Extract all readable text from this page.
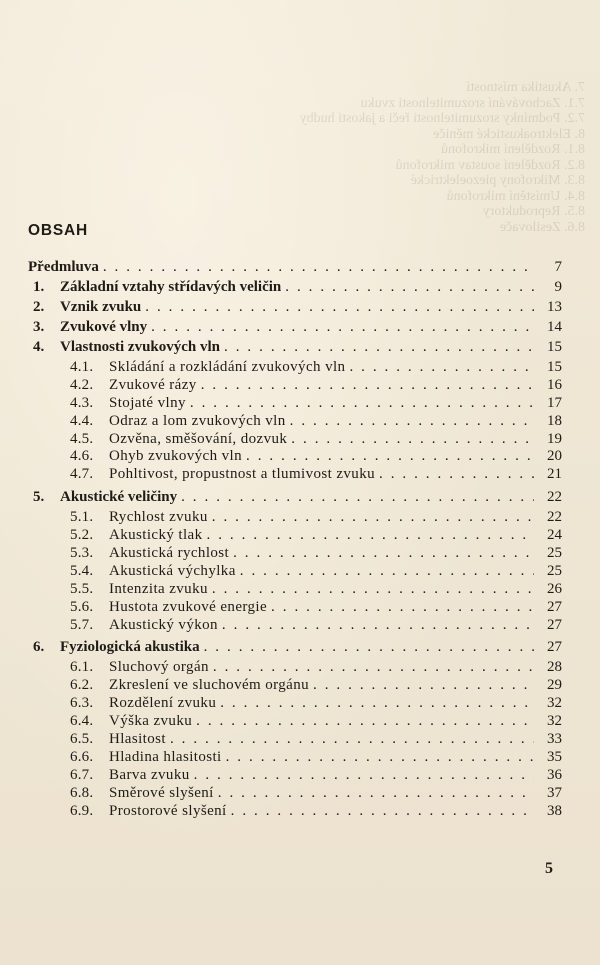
7. Akustika místností
7.1. Zachovávání srozumitelnosti zvuku
7.2. Podmínky srozumitelnosti řeči a jakosti hudby
8. Elektroakustické měniče
8.1. Rozdělení mikrofonů
8.2. Rozdělení soustav mikrofonů
8.3. Mikrofony piezoelektrické
8.4. Umístění mikrofonů
8.5. Reproduktory
8.6. Zesilovače
OBSAH
Předmluva . . .	7
1.	Základní vztahy střídavých veličin . . .	9
2.	Vznik zvuku . . .	13
3.	Zvukové vlny . . .	14
4.	Vlastnosti zvukových vln . . .	15
4.1.	Skládání a rozkládání zvukových vln . . .	15
4.2.	Zvukové rázy . . .	16
4.3.	Stojaté vlny . . .	17
4.4.	Odraz a lom zvukových vln . . .	18
4.5.	Ozvěna, směšování, dozvuk . . .	19
4.6.	Ohyb zvukových vln . . .	20
4.7.	Pohltivost, propustnost a tlumivost zvuku . . .	21
5.	Akustické veličiny . . .	22
5.1.	Rychlost zvuku . . .	22
5.2.	Akustický tlak . . .	24
5.3.	Akustická rychlost . . .	25
5.4.	Akustická výchylka . . .	25
5.5.	Intenzita zvuku . . .	26
5.6.	Hustota zvukové energie . . .	27
5.7.	Akustický výkon . . .	27
6.	Fyziologická akustika . . .	27
6.1.	Sluchový orgán . . .	28
6.2.	Zkreslení ve sluchovém orgánu . . .	29
6.3.	Rozdělení zvuku . . .	32
6.4.	Výška zvuku . . .	32
6.5.	Hlasitost . . .	33
6.6.	Hladina hlasitosti . . .	35
6.7.	Barva zvuku . . .	36
6.8.	Směrové slyšení . . .	37
6.9.	Prostorové slyšení . . .	38
5
